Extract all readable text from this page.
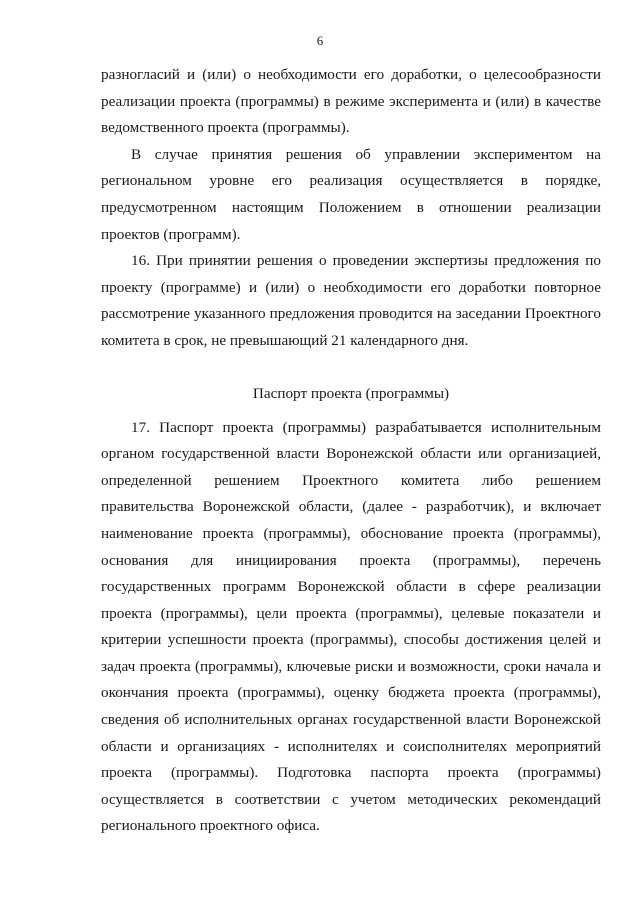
6
разногласий и (или) о необходимости его доработки, о целесообразности
реализации проекта (программы) в режиме эксперимента и (или) в качестве
ведомственного проекта (программы).
В случае принятия решения об управлении экспериментом на
региональном уровне его реализация осуществляется в порядке,
предусмотренном настоящим Положением в отношении реализации
проектов (программ).
16. При принятии решения о проведении экспертизы предложения по
проекту (программе) и (или) о необходимости его доработки повторное
рассмотрение указанного предложения проводится на заседании Проектного
комитета в срок, не превышающий 21 календарного дня.
Паспорт проекта (программы)
17. Паспорт проекта (программы) разрабатывается исполнительным
органом государственной власти Воронежской области или организацией,
определенной решением Проектного комитета либо решением
правительства Воронежской области, (далее - разработчик), и включает
наименование проекта (программы), обоснование проекта (программы),
основания для инициирования проекта (программы), перечень
государственных программ Воронежской области в сфере реализации
проекта (программы), цели проекта (программы), целевые показатели и
критерии успешности проекта (программы), способы достижения целей и
задач проекта (программы), ключевые риски и возможности, сроки начала и
окончания проекта (программы), оценку бюджета проекта (программы),
сведения об исполнительных органах государственной власти Воронежской
области и организациях - исполнителях и соисполнителях мероприятий
проекта (программы). Подготовка паспорта проекта (программы)
осуществляется в соответствии с учетом методических рекомендаций
регионального проектного офиса.
